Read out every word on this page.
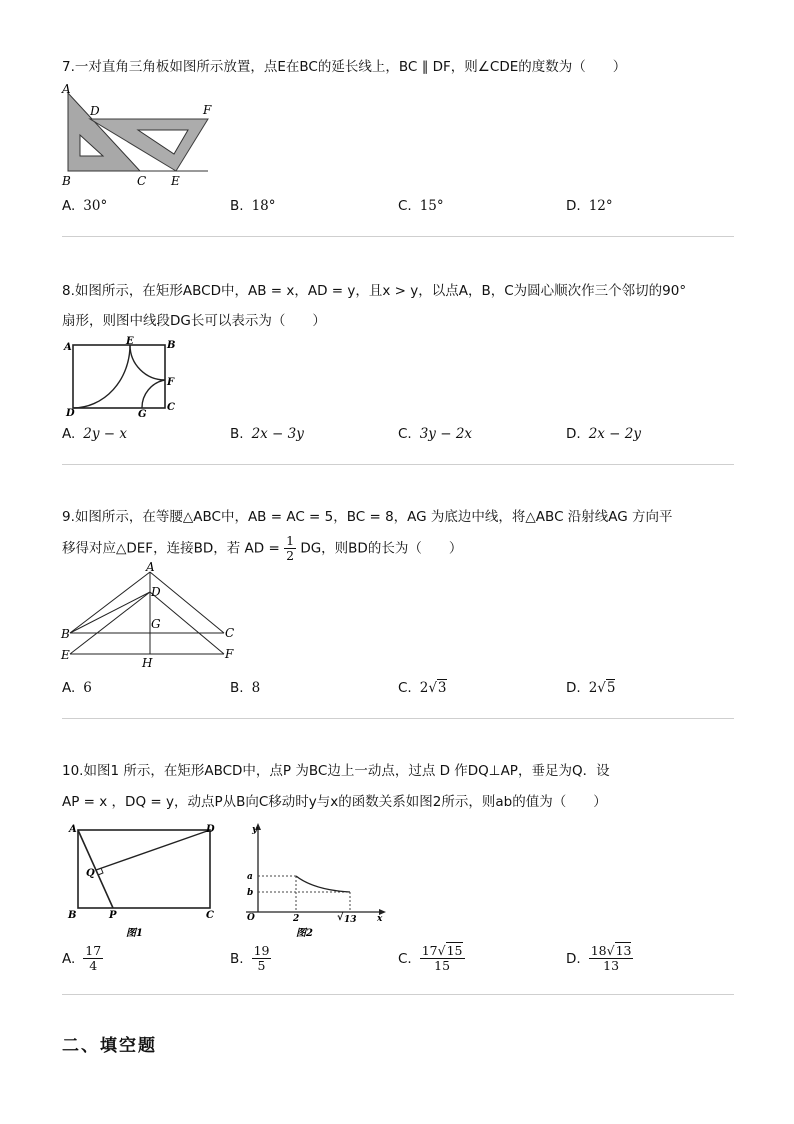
7.一对直角三角板如图所示放置，点E在BC的延长线上，BC ∥ DF，则∠CDE的度数为（　　）
A
D	F
B	C E
A. 30°	B. 18°	C. 15°	D. 12°
8.如图所示，在矩形ABCD中，AB = x，AD = y，且x > y，以点A，B，C为圆心顺次作三个邻切的90°
扇形，则图中线段DG长可以表示为（　　）
A
E	B
F
D	G
C
A. 2y − x	B. 2x − 3y	C. 3y − 2x	D. 2x − 2y
9.如图所示，在等腰△ABC中，AB = AC = 5，BC = 8，AG 为底边中线，将△ABC 沿射线AG 方向平
移得对应△DEF，连接BD，若 AD = $\frac{1}{2}$ DG，则BD的长为（　　）
A
D
G
B	C
E	F
H
A. 6	B. 8	C. 2√3	D. 2√5
10.如图1 所示，在矩形ABCD中，点P 为BC边上一动点，过点 D 作DQ⊥AP，垂足为Q．设
AP = x ，DQ = y，动点P从B向C移动时y与x的函数关系如图2所示，则ab的值为（　　）
A	D
Q
B	P	C
图1
y
a
b
O	2	√ 13 x
图2
A. $\frac{17}{4}$	B. $\frac{19}{5}$	C. $\frac{17√15}{15}$	D. $\frac{18√13}{13}$
二、填空题
